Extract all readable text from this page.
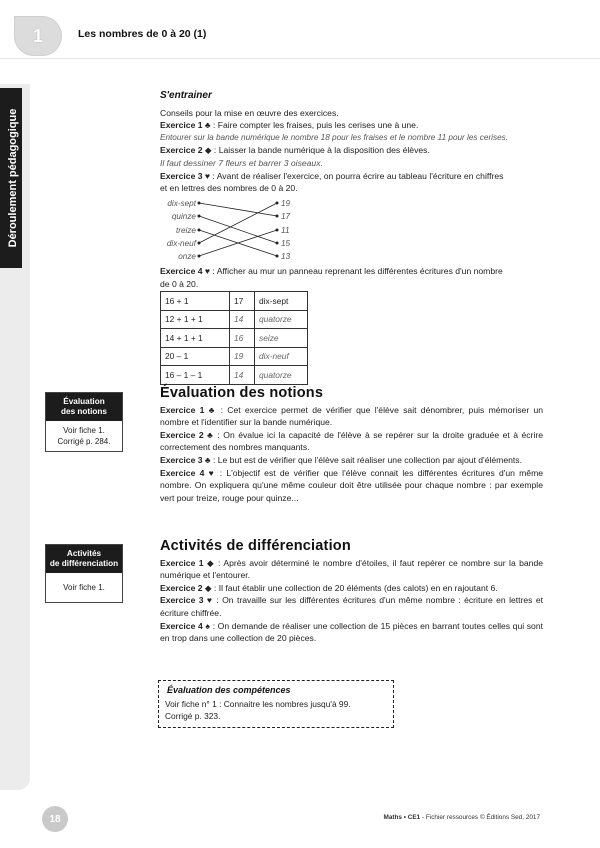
1	Les nombres de 0 à 20 (1)
Déroulement pédagogique
S'entrainer
Conseils pour la mise en œuvre des exercices.
Exercice 1 ♣ : Faire compter les fraises, puis les cerises une à une.
Entourer sur la bande numérique le nombre 18 pour les fraises et le nombre 11 pour les cerises.
Exercice 2 ◆ : Laisser la bande numérique à la disposition des élèves.
Il faut dessiner 7 fleurs et barrer 3 oiseaux.
Exercice 3 ♥ : Avant de réaliser l'exercice, on pourra écrire au tableau l'écriture en chiffres
et en lettres des nombres de 0 à 20.
dix-sept
quinze
treize
dix-neuf
onze
19
17
11
15
13
Exercice 4 ♥ : Afficher au mur un panneau reprenant les différentes écritures d'un nombre
de 0 à 20.
16 + 1	17	dix-sept
12 + 1 + 1	14	quatorze
14 + 1 + 1	16	seize
20 – 1	19	dix-neuf
16 – 1 – 1	14	quatorze
Évaluation
des notions
Voir fiche 1.
Corrigé p. 284.
Évaluation des notions
Exercice 1 ♣ : Cet exercice permet de vérifier que l'élève sait dénombrer, puis mémoriser un nombre et l'identifier sur la bande numérique.
Exercice 2 ♣ : On évalue ici la capacité de l'élève à se repérer sur la droite graduée et à écrire correctement des nombres manquants.
Exercice 3 ♣ : Le but est de vérifier que l'élève sait réaliser une collection par ajout d'éléments.
Exercice 4 ♥ : L'objectif est de vérifier que l'élève connait les différentes écritures d'un même nombre. On expliquera qu'une même couleur doit être utilisée pour chaque nombre : par exemple vert pour treize, rouge pour quinze...
Activités
de différenciation
Voir fiche 1.
Activités de différenciation
Exercice 1 ◆ : Après avoir déterminé le nombre d'étoiles, il faut repérer ce nombre sur la bande numérique et l'entourer.
Exercice 2 ◆ : Il faut établir une collection de 20 éléments (des calots) en en rajoutant 6.
Exercice 3 ♥ : On travaille sur les différentes écritures d'un même nombre : écriture en lettres et écriture chiffrée.
Exercice 4 ♠ : On demande de réaliser une collection de 15 pièces en barrant toutes celles qui sont en trop dans une collection de 20 pièces.
Évaluation des compétences
Voir fiche n° 1 : Connaitre les nombres jusqu'à 99.
Corrigé p. 323.
18	Maths • CE1 - Fichier ressources © Éditions Sed, 2017
